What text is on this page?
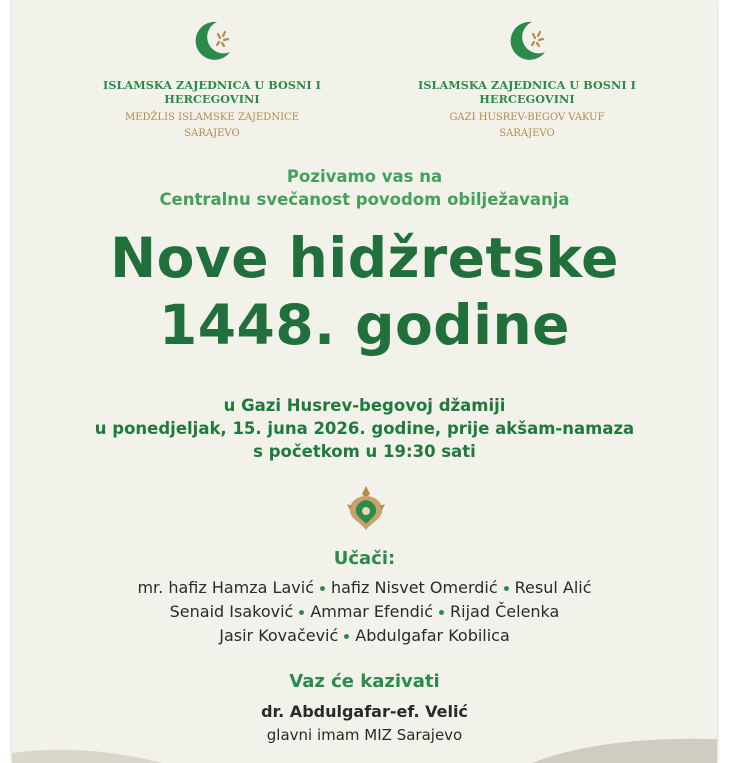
ISLAMSKA ZAJEDNICA U BOSNI I HERCEGOVINI
MEDŽLIS ISLAMSKE ZAJEDNICE
SARAJEVO
ISLAMSKA ZAJEDNICA U BOSNI I HERCEGOVINI
GAZI HUSREV-BEGOV VAKUF
SARAJEVO
Pozivamo vas na
Centralnu svečanost povodom obilježavanja
Nove hidžretske
1448. godine
u Gazi Husrev-begovoj džamiji
u ponedjeljak, 15. juna 2026. godine, prije akšam-namaza
s početkom u 19:30 sati
Učači:
mr. hafiz Hamza Lavić hafiz Nisvet Omerdić Resul Alić
Senaid Isaković Ammar Efendić Rijad Čelenka
Jasir Kovačević Abdulgafar Kobilica
Vaz će kazivati
dr. Abdulgafar-ef. Velić
glavni imam MIZ Sarajevo
